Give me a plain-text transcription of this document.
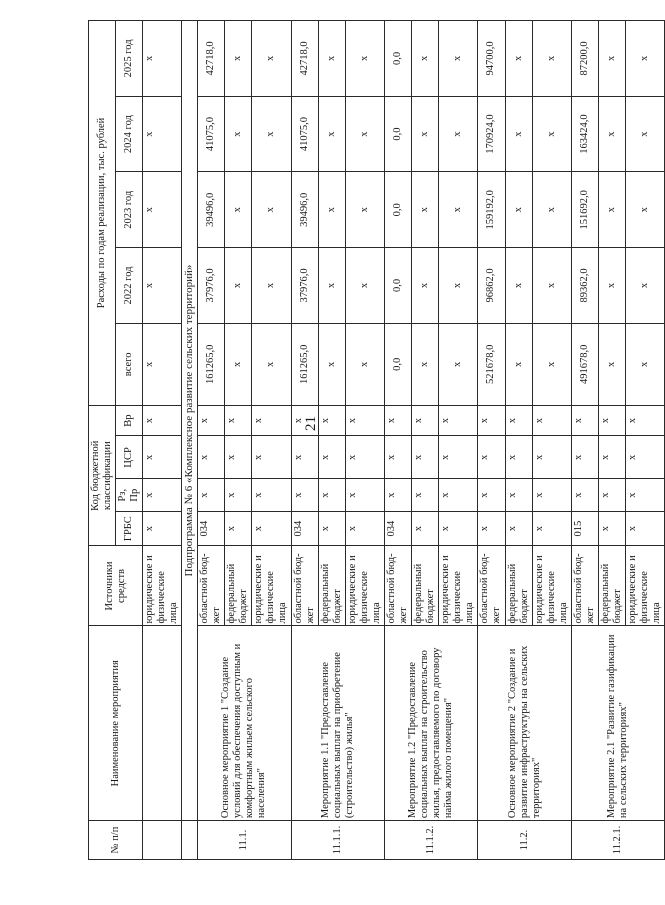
21
№ п/п	Наименование мероприятия	Источники средств	Код бюджетной классификации				Расходы по годам реализации, тыс. рублей				
			ГРБС	Рз, Пр	ЦСР	Вр	всего	2022 год	2023 год	2024 год	2025 год
		юридические и физические лица	х	х	х	х	х	х	х	х	х
	Подпрограмма № 6 «Комплексное развитие сельских территорий»										
11.1.	Основное мероприятие 1 "Создание условий для обеспечения доступным и комфортным жильем сельского населения"	областной бюд-жет	034	х	х	х	161265,0	37976,0	39496,0	41075,0	42718,0
		федеральный бюджет	х	х	х	х	х	х	х	х	х
		юридические и физические лица	х	х	х	х	х	х	х	х	х
11.1.1.	Мероприятие 1.1 "Предоставление социальных выплат на приобретение (строительство) жилья"	областной бюд-жет	034	х	х	х	161265,0	37976,0	39496,0	41075,0	42718,0
		федеральный бюджет	х	х	х	х	х	х	х	х	х
		юридические и физические лица	х	х	х	х	х	х	х	х	х
11.1.2.	Мероприятие 1.2 "Предоставление социальных выплат на строительство жилья, предоставляемого по договору найма жилого помещения"	областной бюд-жет	034	х	х	х	0,0	0,0	0,0	0,0	0,0
		федеральный бюджет	х	х	х	х	х	х	х	х	х
		юридические и физические лица	х	х	х	х	х	х	х	х	х
11.2.	Основное мероприятие 2 "Создание и развитие инфраструктуры на сельских территориях"	областной бюд-жет	х	х	х	х	521678,0	96862,0	159192,0	170924,0	94700,0
		федеральный бюджет	х	х	х	х	х	х	х	х	х
		юридические и физические лица	х	х	х	х	х	х	х	х	х
11.2.1.	Мероприятие 2.1 "Развитие газификации на сельских территориях"	областной бюд-жет	015	х	х	х	491678,0	89362,0	151692,0	163424,0	87200,0
		федеральный бюджет	х	х	х	х	х	х	х	х	х
		юридические и физические лица	х	х	х	х	х	х	х	х	х
